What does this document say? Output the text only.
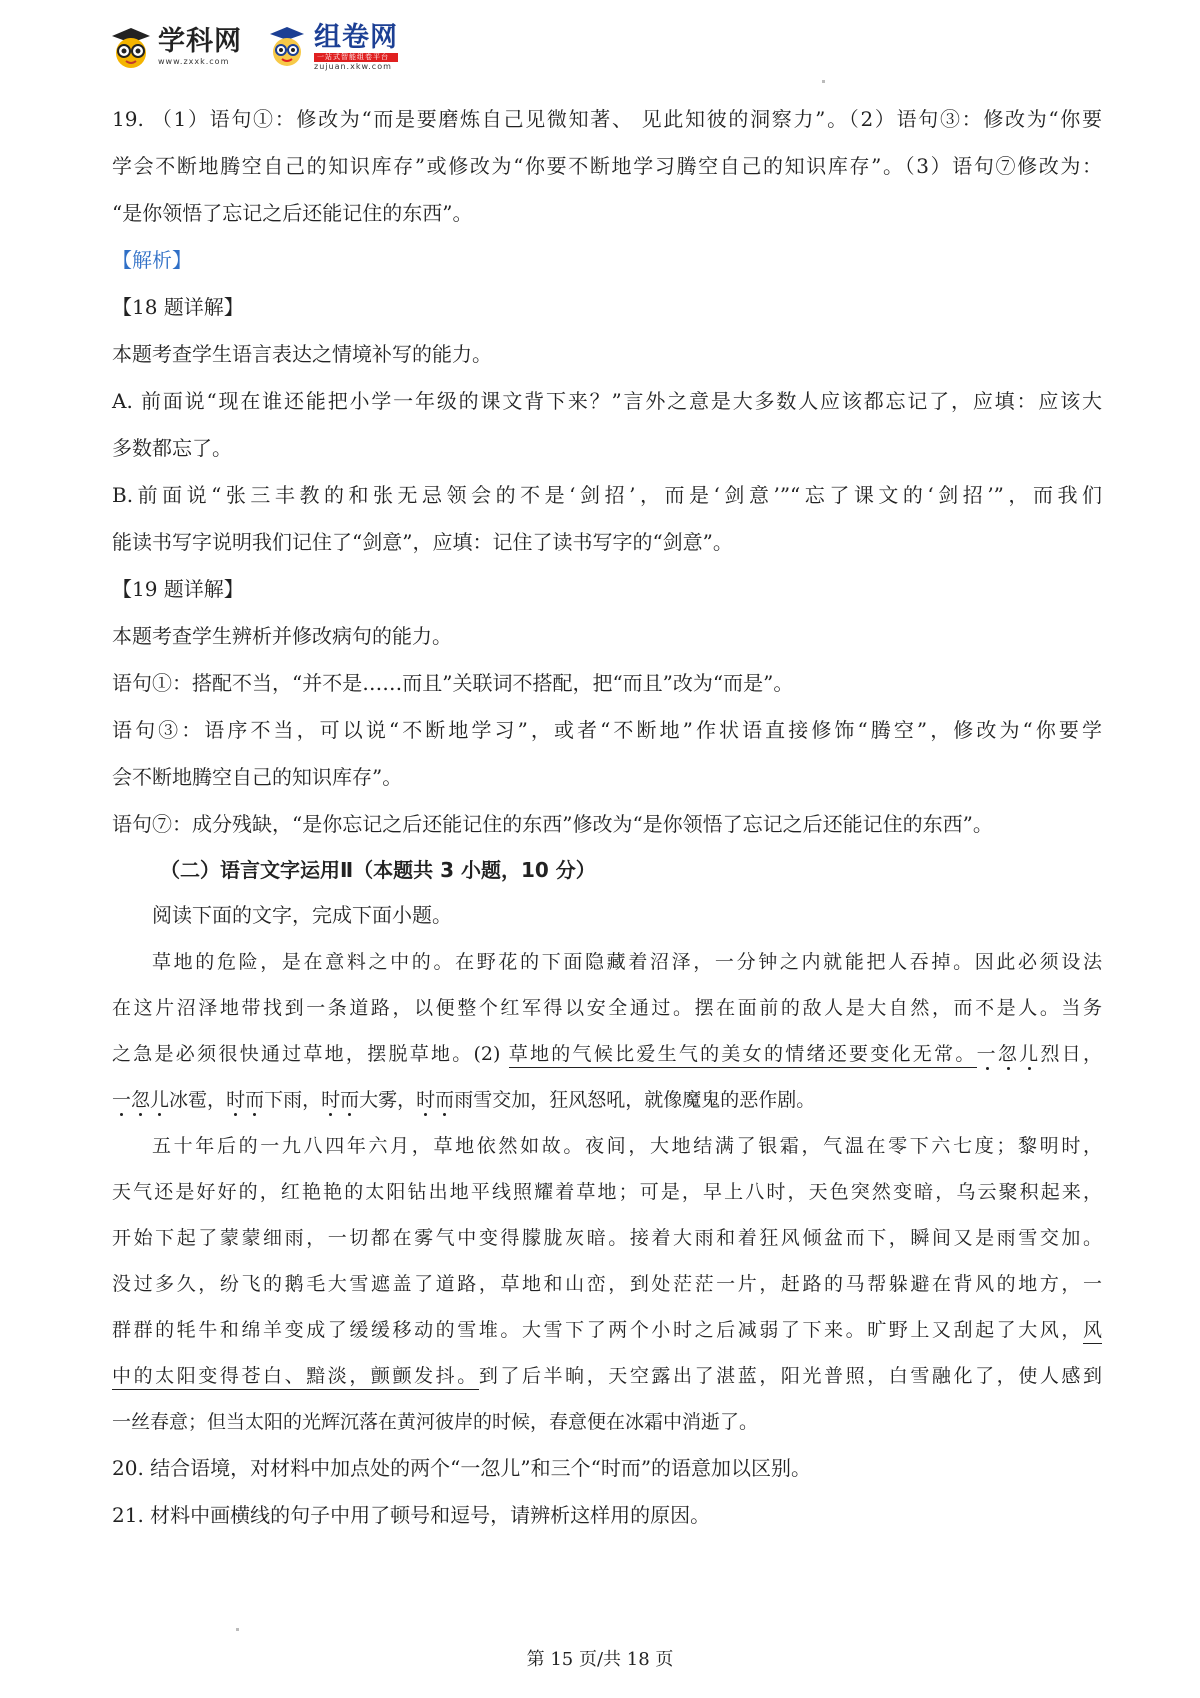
学科网
www.zxxk.com
组卷网
一站式智能组卷平台
zujuan.xkw.com
19. （1）语句①：修改为“而是要磨炼自己见微知著、 见此知彼的洞察力”。（2）语句③：修改为“你要
学会不断地腾空自己的知识库存”或修改为“你要不断地学习腾空自己的知识库存”。（3）语句⑦修改为：
“是你领悟了忘记之后还能记住的东西”。
【解析】
【18 题详解】
本题考查学生语言表达之情境补写的能力。
A. 前面说“现在谁还能把小学一年级的课文背下来？”言外之意是大多数人应该都忘记了，应填：应该大
多数都忘了。
B.前面说“张三丰教的和张无忌领会的不是‘剑招’，而是‘剑意’”“忘了课文的‘剑招’”，而我们
能读书写字说明我们记住了“剑意”，应填：记住了读书写字的“剑意”。
【19 题详解】
本题考查学生辨析并修改病句的能力。
语句①：搭配不当，“并不是……而且”关联词不搭配，把“而且”改为“而是”。
语句③：语序不当，可以说“不断地学习”，或者“不断地”作状语直接修饰“腾空”，修改为“你要学
会不断地腾空自己的知识库存”。
语句⑦：成分残缺，“是你忘记之后还能记住的东西”修改为“是你领悟了忘记之后还能记住的东西”。
（二）语言文字运用Ⅱ（本题共 3 小题，10 分）
阅读下面的文字，完成下面小题。
草地的危险，是在意料之中的。在野花的下面隐藏着沼泽，一分钟之内就能把人吞掉。因此必须设法
在这片沼泽地带找到一条道路，以便整个红军得以安全通过。摆在面前的敌人是大自然，而不是人。当务
之急是必须很快通过草地，摆脱草地。(2) 草地的气候比爱生气的美女的情绪还要变化无常。一忽儿烈日，
一忽儿冰雹，时而下雨，时而大雾，时而雨雪交加，狂风怒吼，就像魔鬼的恶作剧。
五十年后的一九八四年六月，草地依然如故。夜间，大地结满了银霜，气温在零下六七度；黎明时，
天气还是好好的，红艳艳的太阳钻出地平线照耀着草地；可是，早上八时，天色突然变暗，乌云聚积起来，
开始下起了蒙蒙细雨，一切都在雾气中变得朦胧灰暗。接着大雨和着狂风倾盆而下，瞬间又是雨雪交加。
没过多久，纷飞的鹅毛大雪遮盖了道路，草地和山峦，到处茫茫一片，赶路的马帮躲避在背风的地方，一
群群的牦牛和绵羊变成了缓缓移动的雪堆。大雪下了两个小时之后减弱了下来。旷野上又刮起了大风，风
中的太阳变得苍白、黯淡，颤颤发抖。到了后半晌，天空露出了湛蓝，阳光普照，白雪融化了，使人感到
一丝春意；但当太阳的光辉沉落在黄河彼岸的时候，春意便在冰霜中消逝了。
20. 结合语境，对材料中加点处的两个“一忽儿”和三个“时而”的语意加以区别。
21. 材料中画横线的句子中用了顿号和逗号，请辨析这样用的原因。
第 15 页/共 18 页
